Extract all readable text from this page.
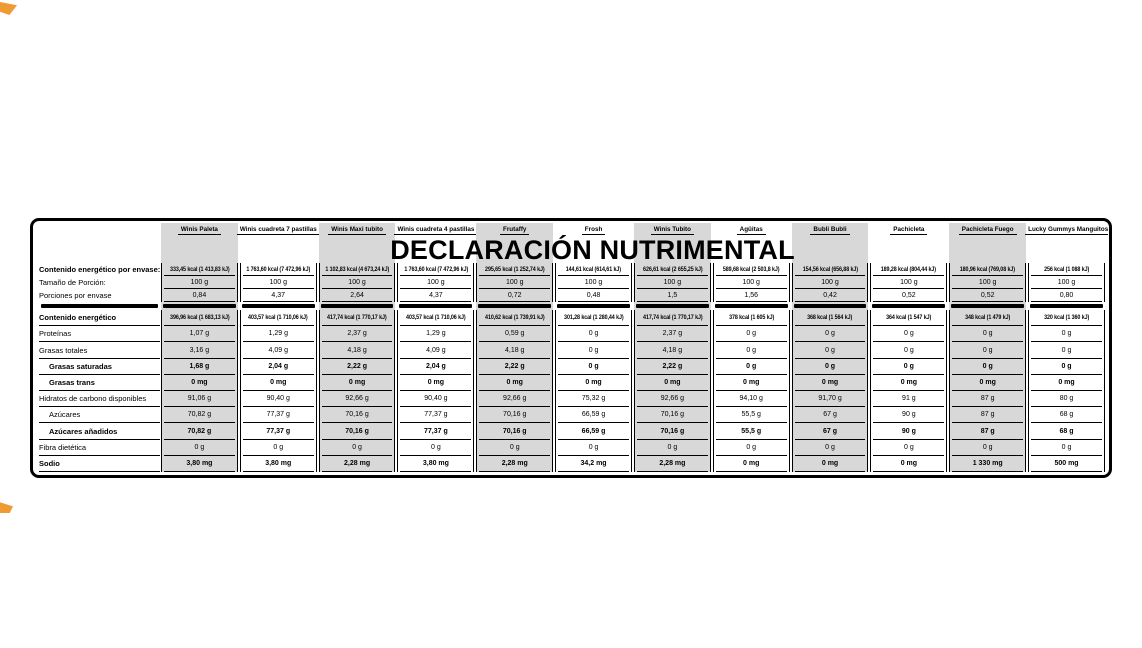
DECLARACIÓN NUTRIMENTAL
Contenido energético por envase:
Tamaño de Porción:
Porciones por envase
Contenido energético
Proteínas
Grasas totales
Grasas saturadas
Grasas trans
Hidratos de carbono disponibles
Azúcares
Azúcares añadidos
Fibra dietética
Sodio
Winis Paleta
333,45 kcal (1 413,83 kJ)
100 g
0,84
396,96 kcal (1 683,13 kJ)
1,07 g
3,16 g
1,68 g
0 mg
91,06 g
70,82 g
70,82 g
0 g
3,80 mg
Winis cuadreta 7 pastillas
1 763,60 kcal (7 472,96 kJ)
100 g
4,37
403,57 kcal (1 710,06 kJ)
1,29 g
4,09 g
2,04 g
0 mg
90,40 g
77,37 g
77,37 g
0 g
3,80 mg
Winis Maxi tubito
1 102,83 kcal (4 673,24 kJ)
100 g
2,64
417,74 kcal (1 770,17 kJ)
2,37 g
4,18 g
2,22 g
0 mg
92,66 g
70,16 g
70,16 g
0 g
2,28 mg
Winis cuadreta 4 pastillas
1 763,60 kcal (7 472,96 kJ)
100 g
4,37
403,57 kcal (1 710,06 kJ)
1,29 g
4,09 g
2,04 g
0 mg
90,40 g
77,37 g
77,37 g
0 g
3,80 mg
Frutaffy
295,65 kcal (1 252,74 kJ)
100 g
0,72
410,62 kcal (1 739,91 kJ)
0,59 g
4,18 g
2,22 g
0 mg
92,66 g
70,16 g
70,16 g
0 g
2,28 mg
Frosh
144,61 kcal (614,61 kJ)
100 g
0,48
301,28 kcal (1 280,44 kJ)
0 g
0 g
0 g
0 mg
75,32 g
66,59 g
66,59 g
0 g
34,2 mg
Winis Tubito
626,61 kcal (2 655,25 kJ)
100 g
1,5
417,74 kcal (1 770,17 kJ)
2,37 g
4,18 g
2,22 g
0 mg
92,66 g
70,16 g
70,16 g
0 g
2,28 mg
Agüitas
589,68 kcal (2 503,8 kJ)
100 g
1,56
378 kcal (1 605 kJ)
0 g
0 g
0 g
0 mg
94,10 g
55,5 g
55,5 g
0 g
0 mg
Bubli Bubli
154,56 kcal (656,88 kJ)
100 g
0,42
368 kcal (1 564 kJ)
0 g
0 g
0 g
0 mg
91,70 g
67 g
67 g
0 g
0 mg
Pachicleta
189,28 kcal (804,44 kJ)
100 g
0,52
364 kcal (1 547 kJ)
0 g
0 g
0 g
0 mg
91 g
90 g
90 g
0 g
0 mg
Pachicleta Fuego
180,96 kcal (769,08 kJ)
100 g
0,52
348 kcal (1 479 kJ)
0 g
0 g
0 g
0 mg
87 g
87 g
87 g
0 g
1 330 mg
Lucky Gummys Manguitos
256 kcal (1 088 kJ)
100 g
0,80
320 kcal (1 360 kJ)
0 g
0 g
0 g
0 mg
80 g
68 g
68 g
0 g
500 mg
